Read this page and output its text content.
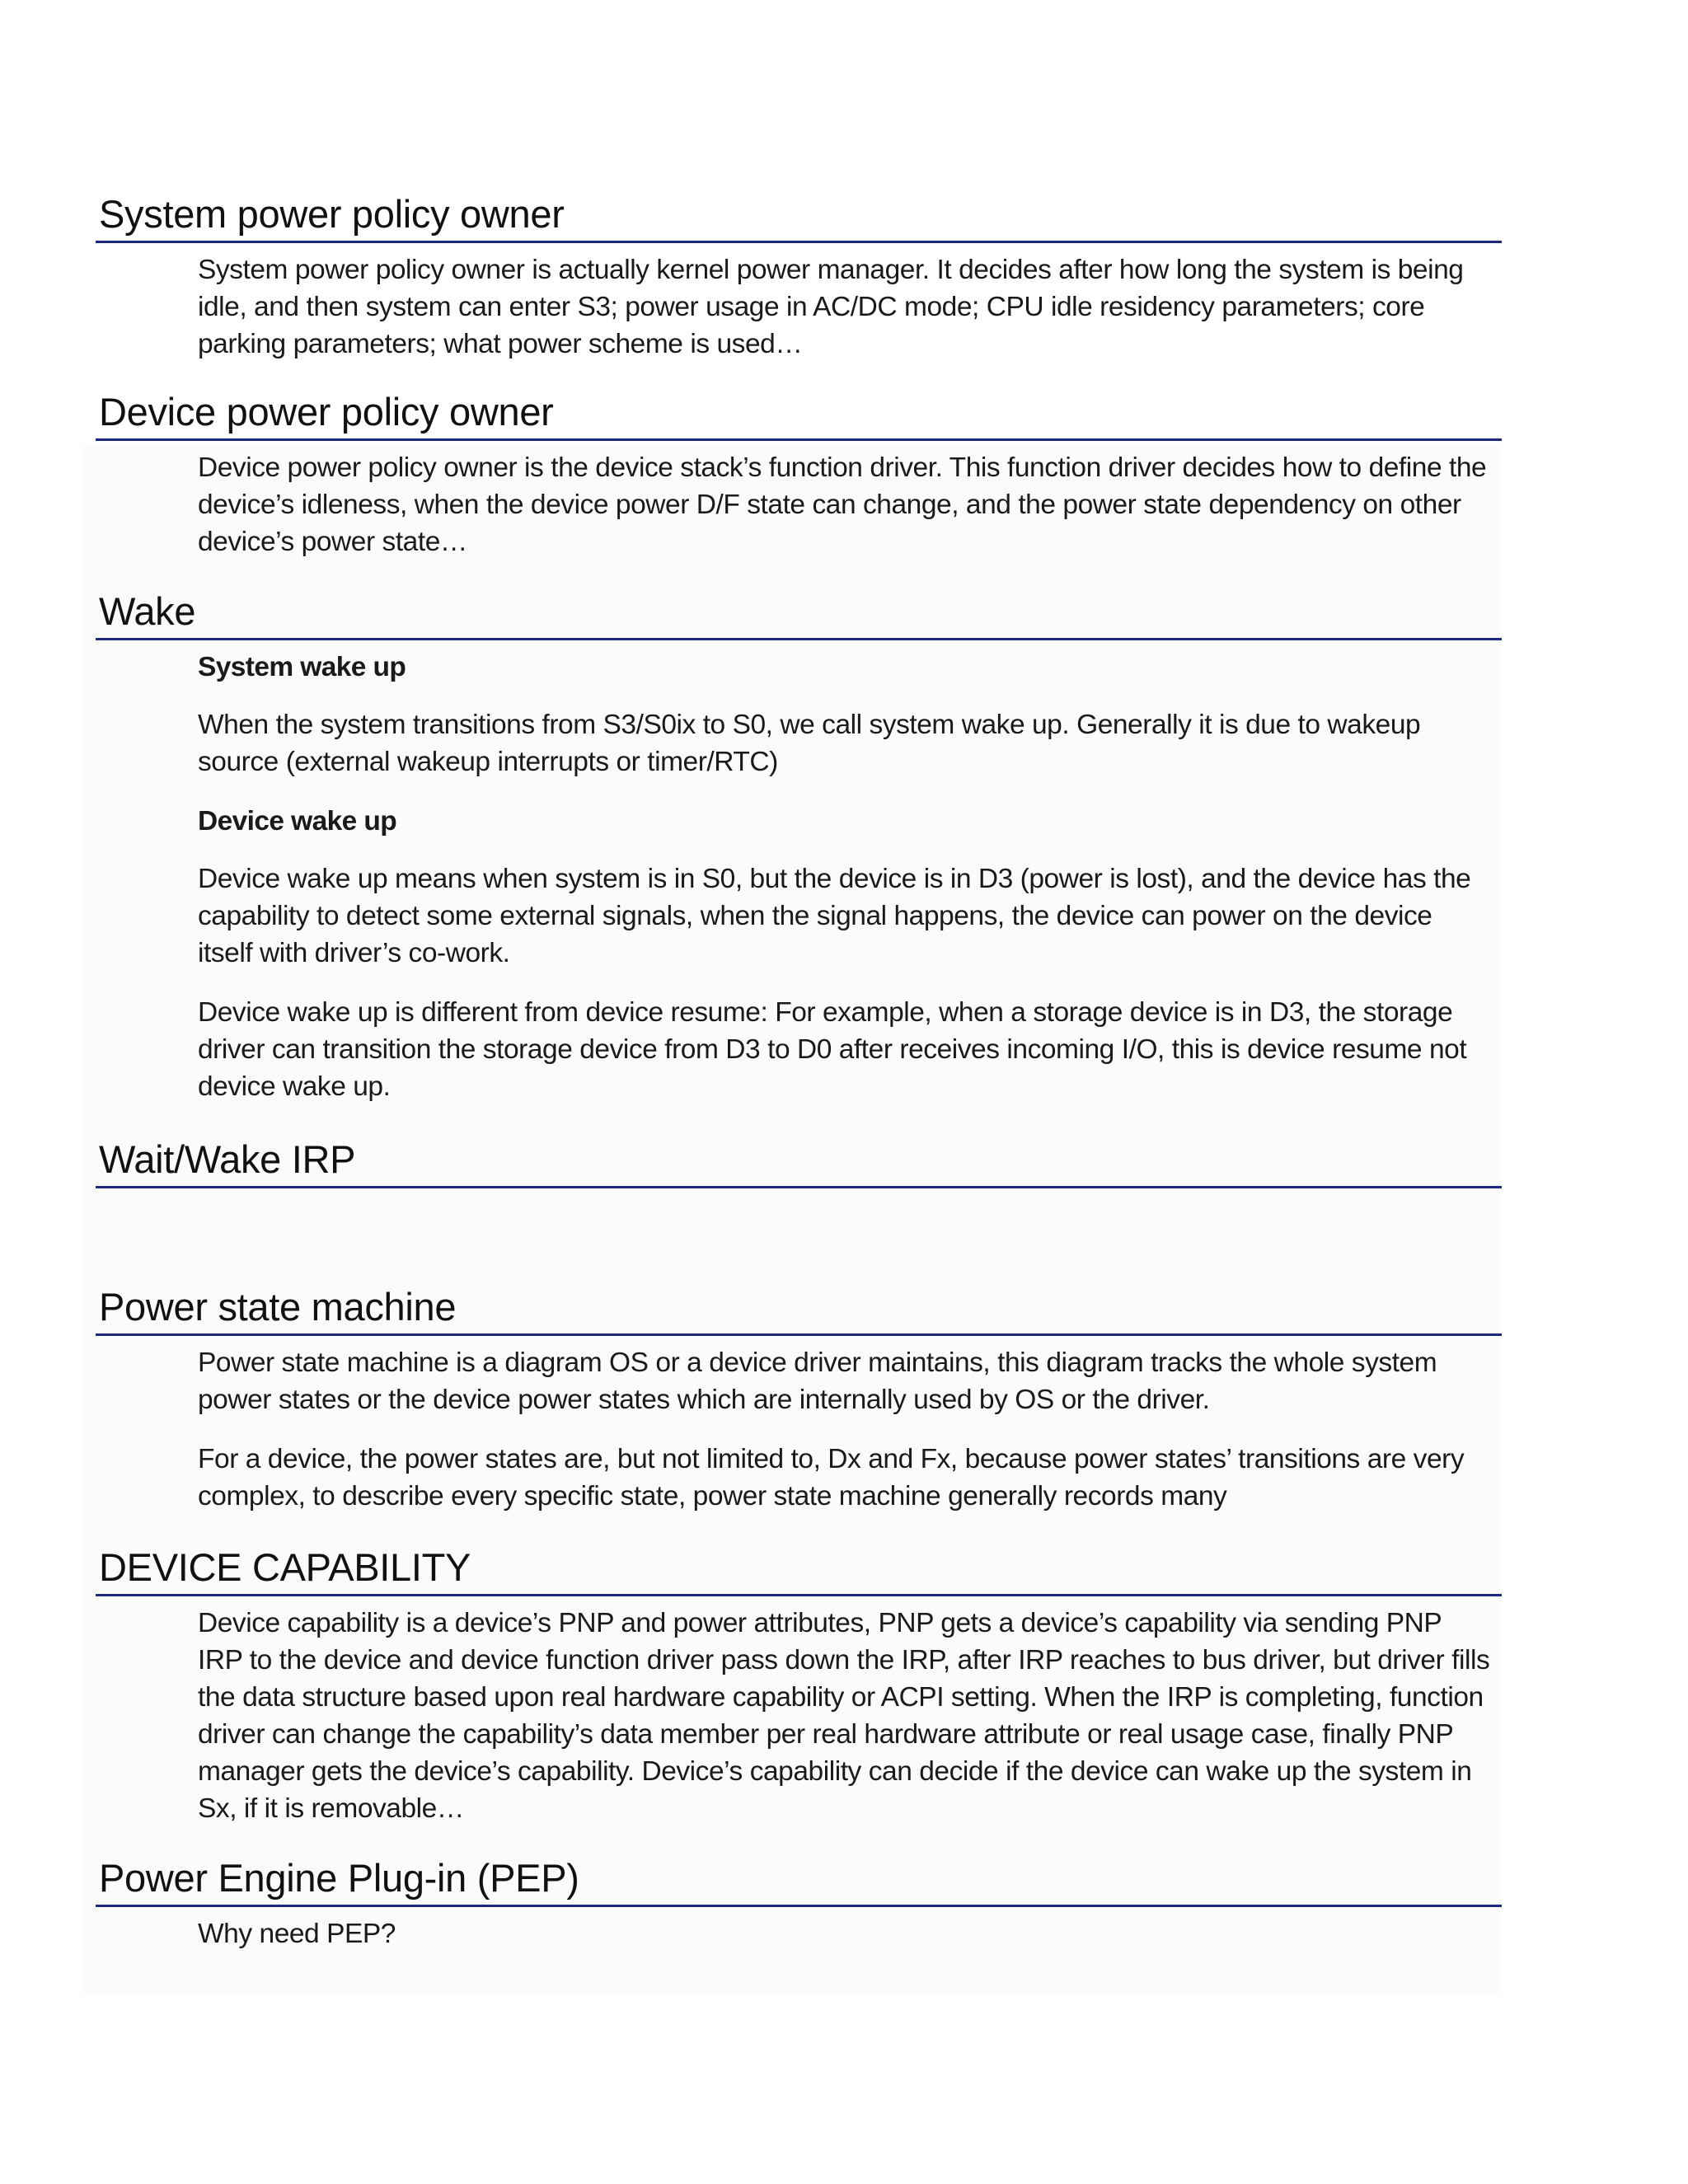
System power policy owner

System power policy owner is actually kernel power manager. It decides after how long the system is being idle, and then system can enter S3; power usage in AC/DC mode; CPU idle residency parameters; core parking parameters; what power scheme is used…

Device power policy owner

Device power policy owner is the device stack’s function driver. This function driver decides how to define the device’s idleness, when the device power D/F state can change, and the power state dependency on other device’s power state…

Wake

System wake up

When the system transitions from S3/S0ix to S0, we call system wake up. Generally it is due to wakeup source (external wakeup interrupts or timer/RTC)

Device wake up

Device wake up means when system is in S0, but the device is in D3 (power is lost), and the device has the capability to detect some external signals, when the signal happens, the device can power on the device itself with driver’s co-work.

Device wake up is different from device resume: For example, when a storage device is in D3, the storage driver can transition the storage device from D3 to D0 after receives incoming I/O, this is device resume not device wake up.

Wait/Wake IRP
Power state machine

Power state machine is a diagram OS or a device driver maintains, this diagram tracks the whole system power states or the device power states which are internally used by OS or the driver.

For a device, the power states are, but not limited to, Dx and Fx, because power states’ transitions are very complex, to describe every specific state, power state machine generally records many

DEVICE CAPABILITY

Device capability is a device’s PNP and power attributes, PNP gets a device’s capability via sending PNP IRP to the device and device function driver pass down the IRP, after IRP reaches to bus driver, but driver fills the data structure based upon real hardware capability or ACPI setting. When the IRP is completing, function driver can change the capability’s data member per real hardware attribute or real usage case, finally PNP manager gets the device’s capability. Device’s capability can decide if the device can wake up the system in Sx, if it is removable…

Power Engine Plug-in (PEP)

Why need PEP?
